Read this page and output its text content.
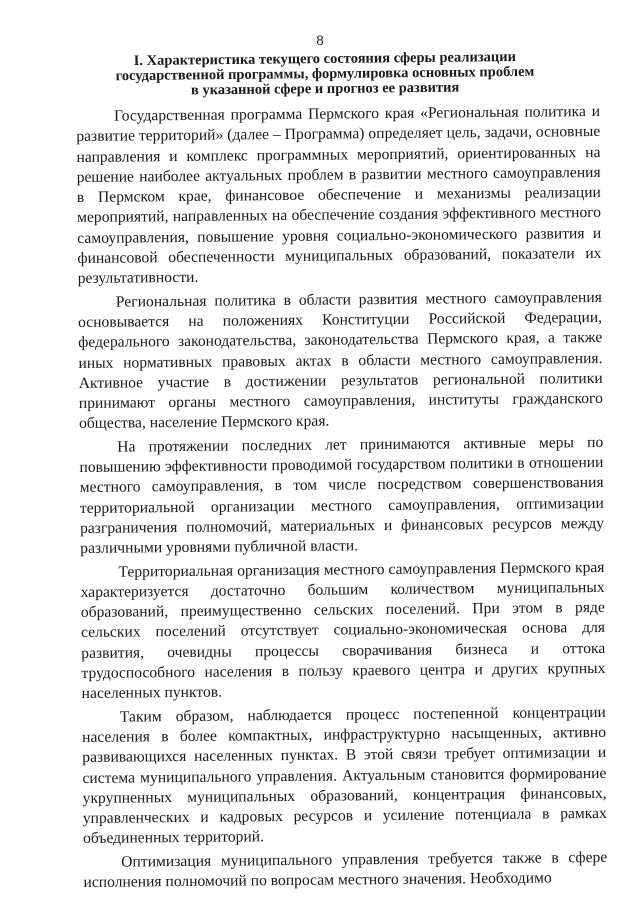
8
I. Характеристика текущего состояния сферы реализации
государственной программы, формулировка основных проблем
в указанной сфере и прогноз ее развития

Государственная программа Пермского края «Региональная политика и развитие территорий» (далее – Программа) определяет цель, задачи, основные направления и комплекс программных мероприятий, ориентированных на решение наиболее актуальных проблем в развитии местного самоуправления в Пермском крае, финансовое обеспечение и механизмы реализации мероприятий, направленных на обеспечение создания эффективного местного самоуправления, повышение уровня социально-экономического развития и финансовой обеспеченности муниципальных образований, показатели их результативности.

Региональная политика в области развития местного самоуправления основывается на положениях Конституции Российской Федерации, федерального законодательства, законодательства Пермского края, а также иных нормативных правовых актах в области местного самоуправления. Активное участие в достижении результатов региональной политики принимают органы местного самоуправления, институты гражданского общества, население Пермского края.

На протяжении последних лет принимаются активные меры по повышению эффективности проводимой государством политики в отношении местного самоуправления, в том числе посредством совершенствования территориальной организации местного самоуправления, оптимизации разграничения полномочий, материальных и финансовых ресурсов между различными уровнями публичной власти.

Территориальная организация местного самоуправления Пермского края характеризуется достаточно большим количеством муниципальных образований, преимущественно сельских поселений. При этом в ряде сельских поселений отсутствует социально-экономическая основа для развития, очевидны процессы сворачивания бизнеса и оттока трудоспособного населения в пользу краевого центра и других крупных населенных пунктов.

Таким образом, наблюдается процесс постепенной концентрации населения в более компактных, инфраструктурно насыщенных, активно развивающихся населенных пунктах. В этой связи требует оптимизации и система муниципального управления. Актуальным становится формирование укрупненных муниципальных образований, концентрация финансовых, управленческих и кадровых ресурсов и усиление потенциала в рамках объединенных территорий.

Оптимизация муниципального управления требуется также в сфере исполнения полномочий по вопросам местного значения. Необходимо
